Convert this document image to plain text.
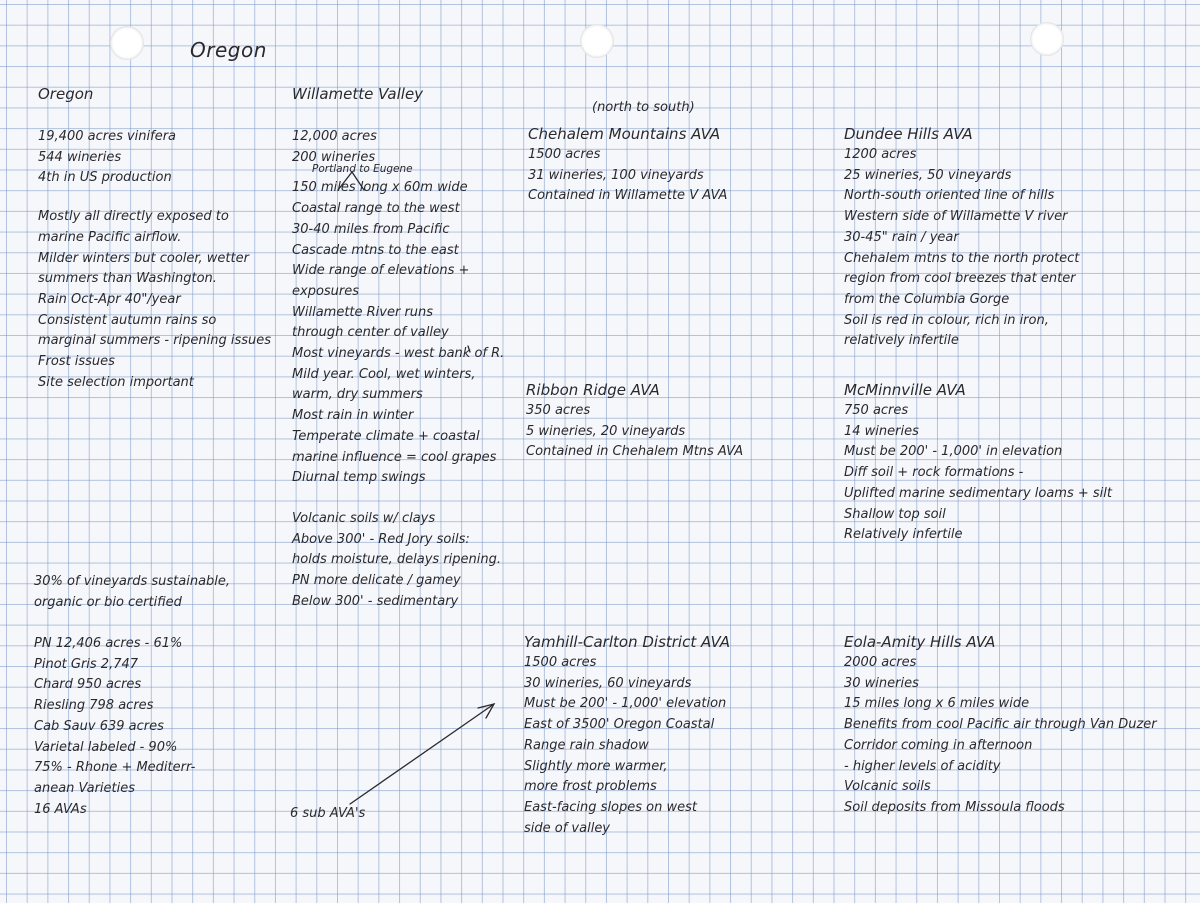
Oregon
(north to south)

Oregon

19,400 acres vinifera

544 wineries

4th in US production

Mostly all directly exposed to

marine Pacific airflow.

Milder winters but cooler, wetter

summers than Washington.

Rain Oct-Apr 40"/year

Consistent autumn rains so

marginal summers - ripening issues

Frost issues

Site selection important

30% of vineyards sustainable,

organic or bio certified

PN 12,406 acres - 61%

Pinot Gris 2,747

Chard 950 acres

Riesling 798 acres

Cab Sauv 639 acres

Varietal labeled - 90%

75% - Rhone + Mediterr-

anean Varieties

16 AVAs

Willamette Valley

12,000 acres

200 wineries

150 miles long x 60m wide

Coastal range to the west

30-40 miles from Pacific

Cascade mtns to the east

Wide range of elevations +

exposures

Willamette River runs

through center of valley

Most vineyards - west bank of R.

Mild year. Cool, wet winters,

warm, dry summers

Most rain in winter

Temperate climate + coastal

marine influence = cool grapes

Diurnal temp swings

Volcanic soils w/ clays

Above 300' - Red Jory soils:

holds moisture, delays ripening.

PN more delicate / gamey

Below 300' - sedimentary

Portland to Eugene
6 sub AVA's

Chehalem Mountains AVA

1500 acres

31 wineries, 100 vineyards

Contained in Willamette V AVA

Ribbon Ridge AVA

350 acres

5 wineries, 20 vineyards

Contained in Chehalem Mtns AVA

Yamhill-Carlton District AVA

1500 acres

30 wineries, 60 vineyards

Must be 200' - 1,000' elevation

East of 3500' Oregon Coastal

Range rain shadow

Slightly more warmer,

more frost problems

East-facing slopes on west

side of valley

Dundee Hills AVA

1200 acres

25 wineries, 50 vineyards

North-south oriented line of hills

Western side of Willamette V river

30-45" rain / year

Chehalem mtns to the north protect

region from cool breezes that enter

from the Columbia Gorge

Soil is red in colour, rich in iron,

relatively infertile

McMinnville AVA

750 acres

14 wineries

Must be 200' - 1,000' in elevation

Diff soil + rock formations -

Uplifted marine sedimentary loams + silt

Shallow top soil

Relatively infertile

Eola-Amity Hills AVA

2000 acres

30 wineries

15 miles long x 6 miles wide

Benefits from cool Pacific air through Van Duzer

Corridor coming in afternoon

- higher levels of acidity

Volcanic soils

Soil deposits from Missoula floods
